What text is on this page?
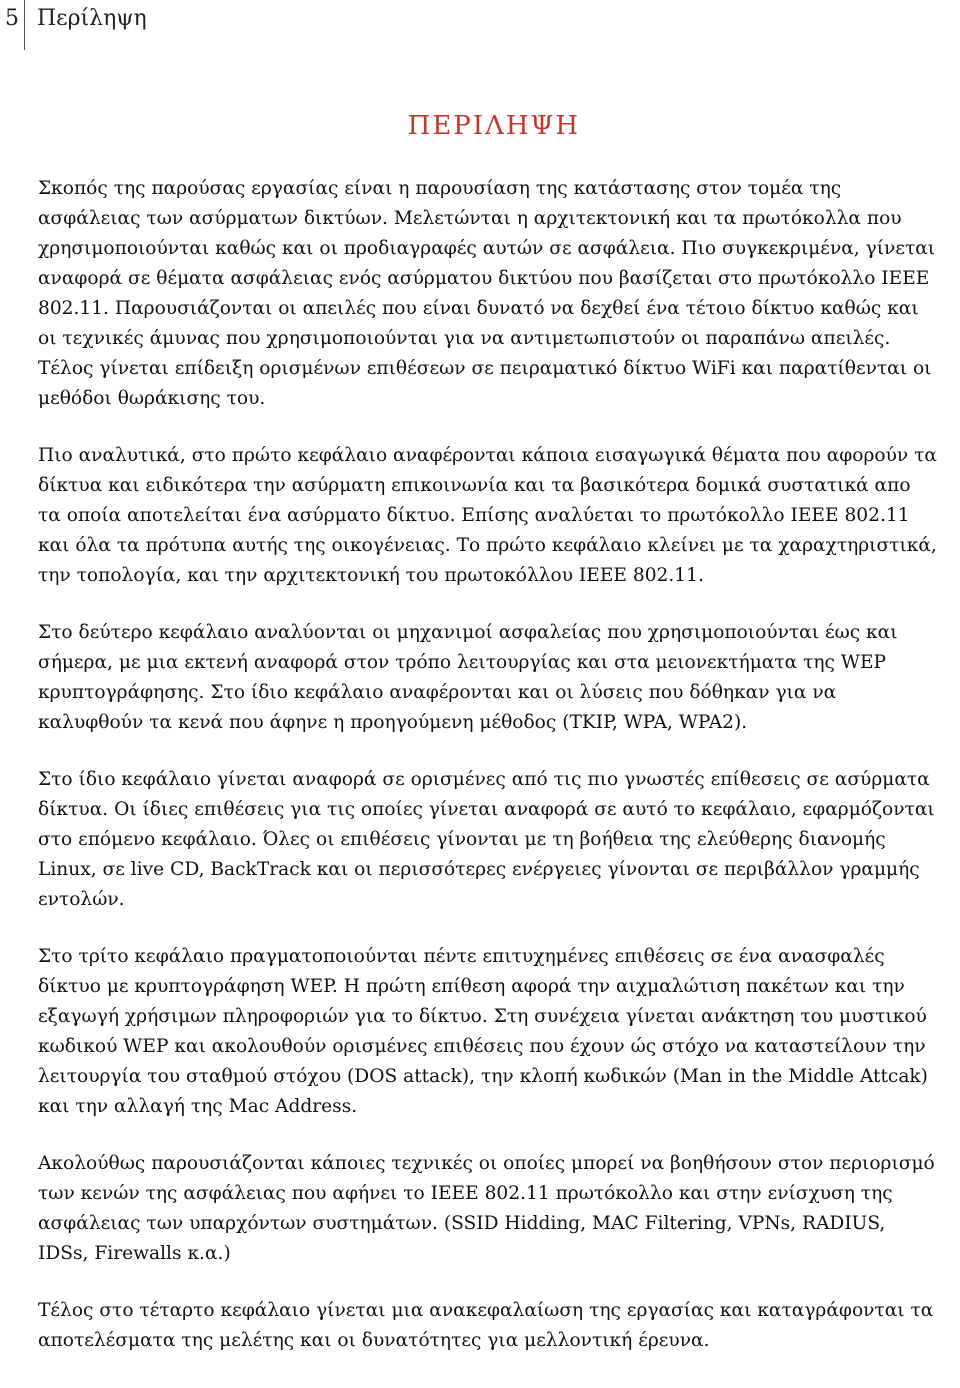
5 Περίληψη
ΠΕΡΙΛΗΨΗ

Σκοπός της παρούσας εργασίας είναι η παρουσίαση της κατάστασης στον τομέα της ασφάλειας των ασύρματων δικτύων. Μελετώνται η αρχιτεκτονική και τα πρωτόκολλα που χρησιμοποιούνται καθώς και οι προδιαγραφές αυτών σε ασφάλεια. Πιο συγκεκριμένα, γίνεται αναφορά σε θέματα ασφάλειας ενός ασύρματου δικτύου που βασίζεται στο πρωτόκολλο IEEE 802.11. Παρουσιάζονται οι απειλές που είναι δυνατό να δεχθεί ένα τέτοιο δίκτυο καθώς και οι τεχνικές άμυνας που χρησιμοποιούνται για να αντιμετωπιστούν οι παραπάνω απειλές. Τέλος γίνεται επίδειξη ορισμένων επιθέσεων σε πειραματικό δίκτυο WiFi και παρατίθενται οι μεθόδοι θωράκισης του.

Πιο αναλυτικά, στο πρώτο κεφάλαιο αναφέρονται κάποια εισαγωγικά θέματα που αφορούν τα δίκτυα και ειδικότερα την ασύρματη επικοινωνία και τα βασικότερα δομικά συστατικά απο τα οποία αποτελείται ένα ασύρματο δίκτυο. Επίσης αναλύεται το πρωτόκολλο IEEE 802.11 και όλα τα πρότυπα αυτής της οικογένειας. Το πρώτο κεφάλαιο κλείνει με τα χαραχτηριστικά, την τοπολογία, και την αρχιτεκτονική του πρωτοκόλλου IEEE 802.11.

Στο δεύτερο κεφάλαιο αναλύονται οι μηχανιμοί ασφαλείας που χρησιμοποιούνται έως και σήμερα, με μια εκτενή αναφορά στον τρόπο λειτουργίας και στα μειονεκτήματα της WEP κρυπτογράφησης. Στο ίδιο κεφάλαιο αναφέρονται και οι λύσεις που δόθηκαν για να καλυφθούν τα κενά που άφηνε η προηγούμενη μέθοδος (TKIP, WPA, WPA2).

Στο ίδιο κεφάλαιο γίνεται αναφορά σε ορισμένες από τις πιο γνωστές επίθεσεις σε ασύρματα δίκτυα. Οι ίδιες επιθέσεις για τις οποίες γίνεται αναφορά σε αυτό το κεφάλαιο, εφαρμόζονται στο επόμενο κεφάλαιο. Όλες οι επιθέσεις γίνονται με τη βοήθεια της ελεύθερης διανομής Linux, σε live CD, BackTrack και οι περισσότερες ενέργειες γίνονται σε περιβάλλον γραμμής εντολών.

Στο τρίτο κεφάλαιο πραγματοποιούνται πέντε επιτυχημένες επιθέσεις σε ένα ανασφαλές δίκτυο με κρυπτογράφηση WEP. Η πρώτη επίθεση αφορά την αιχμαλώτιση πακέτων και την εξαγωγή χρήσιμων πληροφοριών για το δίκτυο. Στη συνέχεια γίνεται ανάκτηση του μυστικού κωδικού WEP και ακολουθούν ορισμένες επιθέσεις που έχουν ώς στόχο να καταστείλουν την λειτουργία του σταθμού στόχου (DOS attack), την κλοπή κωδικών (Man in the Middle Attcak) και την αλλαγή της Mac Address.

Ακολούθως παρουσιάζονται κάποιες τεχνικές οι οποίες μπορεί να βοηθήσουν στον περιορισμό των κενών της ασφάλειας που αφήνει το IEEE 802.11 πρωτόκολλο και στην ενίσχυση της ασφάλειας των υπαρχόντων συστημάτων. (SSID Hidding, MAC Filtering, VPNs, RADIUS, IDSs, Firewalls κ.α.)

Τέλος στο τέταρτο κεφάλαιο γίνεται μια ανακεφαλαίωση της εργασίας και καταγράφονται τα αποτελέσματα της μελέτης και οι δυνατότητες για μελλοντική έρευνα.
